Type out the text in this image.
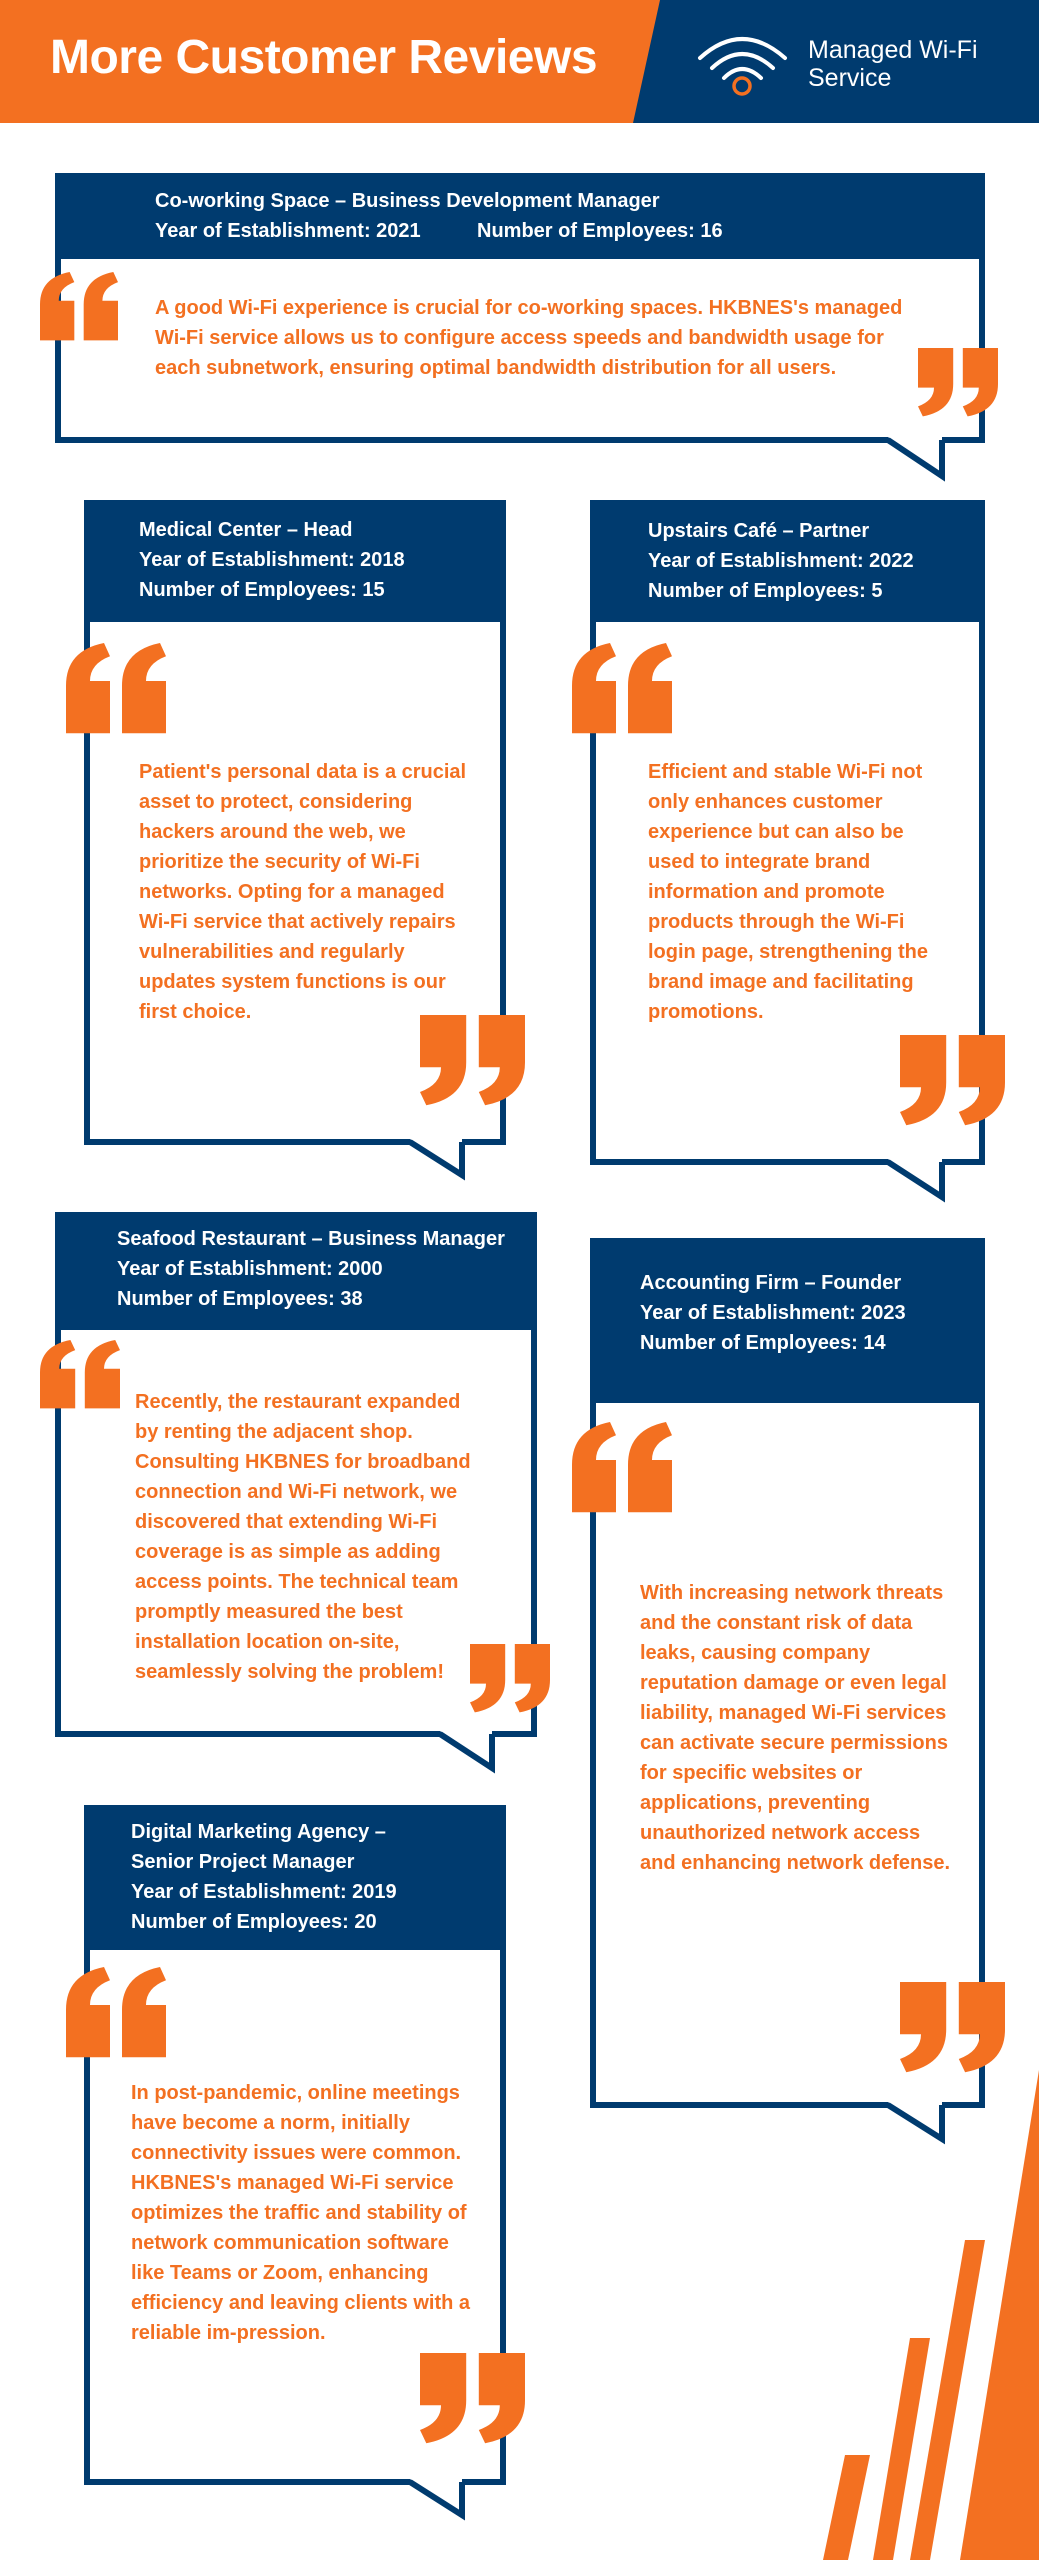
More Customer Reviews	Managed Wi-Fi Service
Co-working Space – Business Development Manager
Year of Establishment: 2021	Number of Employees: 16
A good Wi-Fi experience is crucial for co-working spaces. HKBNES's managed Wi-Fi service allows us to configure access speeds and bandwidth usage for each subnetwork, ensuring optimal bandwidth distribution for all users.
Medical Center – Head
Year of Establishment: 2018
Number of Employees: 15
Patient's personal data is a crucial asset to protect, considering hackers around the web, we prioritize the security of Wi-Fi networks. Opting for a managed Wi-Fi service that actively repairs vulnerabilities and regularly updates system functions is our first choice.
Upstairs Café – Partner
Year of Establishment: 2022
Number of Employees: 5
Efficient and stable Wi-Fi not only enhances customer experience but can also be used to integrate brand information and promote products through the Wi-Fi login page, strengthening the brand image and facilitating promotions.
Seafood Restaurant – Business Manager
Year of Establishment: 2000
Number of Employees: 38
Recently, the restaurant expanded by renting the adjacent shop. Consulting HKBNES for broadband connection and Wi-Fi network, we discovered that extending Wi-Fi coverage is as simple as adding access points. The technical team promptly measured the best installation location on-site, seamlessly solving the problem!
Accounting Firm – Founder
Year of Establishment: 2023
Number of Employees: 14
With increasing network threats and the constant risk of data leaks, causing company reputation damage or even legal liability, managed Wi-Fi services can activate secure permissions for specific websites or applications, preventing unauthorized network access and enhancing network defense.
Digital Marketing Agency –
Senior Project Manager
Year of Establishment: 2019
Number of Employees: 20
In post-pandemic, online meetings have become a norm, initially connectivity issues were common. HKBNES's managed Wi-Fi service optimizes the traffic and stability of network communication software like Teams or Zoom, enhancing efficiency and leaving clients with a reliable im-pression.
